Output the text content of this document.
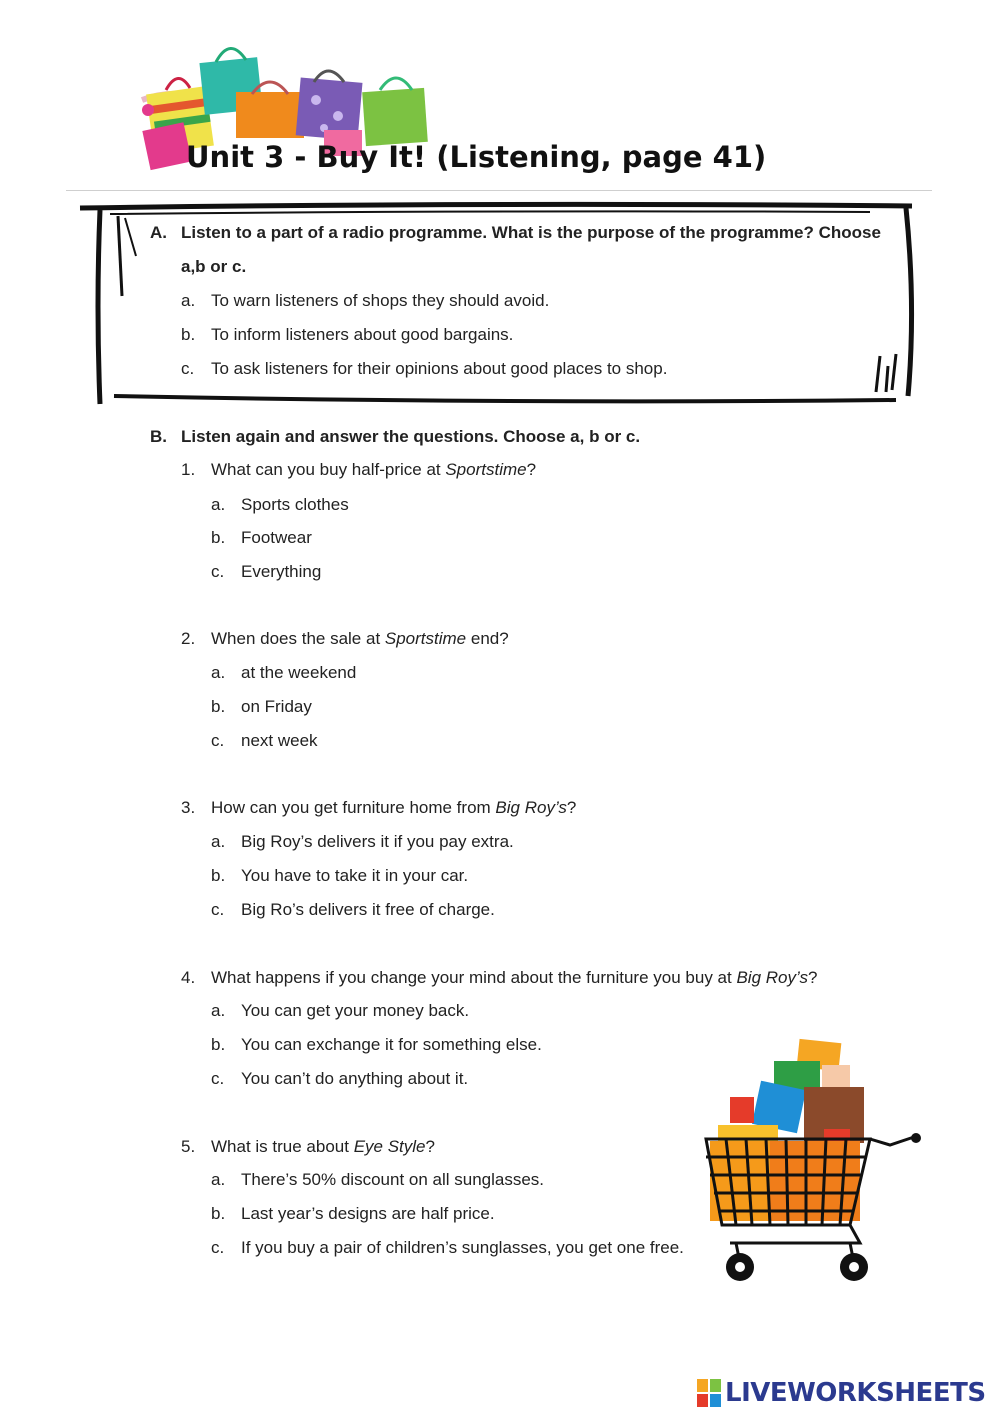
Unit 3 - Buy It! (Listening, page 41)
A. Listen to a part of a radio programme. What is the purpose of the programme? Choose
a,b or c.
a. To warn listeners of shops they should avoid.
b. To inform listeners about good bargains.
c. To ask listeners for their opinions about good places to shop.
B. Listen again and answer the questions. Choose a, b or c.
1. What can you buy half-price at Sportstime?
a. Sports clothes
b. Footwear
c. Everything
2. When does the sale at Sportstime end?
a. at the weekend
b. on Friday
c. next week
3. How can you get furniture home from Big Roy’s?
a. Big Roy’s delivers it if you pay extra.
b. You have to take it in your car.
c. Big Ro’s delivers it free of charge.
4. What happens if you change your mind about the furniture you buy at Big Roy’s?
a. You can get your money back.
b. You can exchange it for something else.
c. You can’t do anything about it.
5. What is true about Eye Style?
a. There’s 50% discount on all sunglasses.
b. Last year’s designs are half price.
c. If you buy a pair of children’s sunglasses, you get one free.
LIVEWORKSHEETS
